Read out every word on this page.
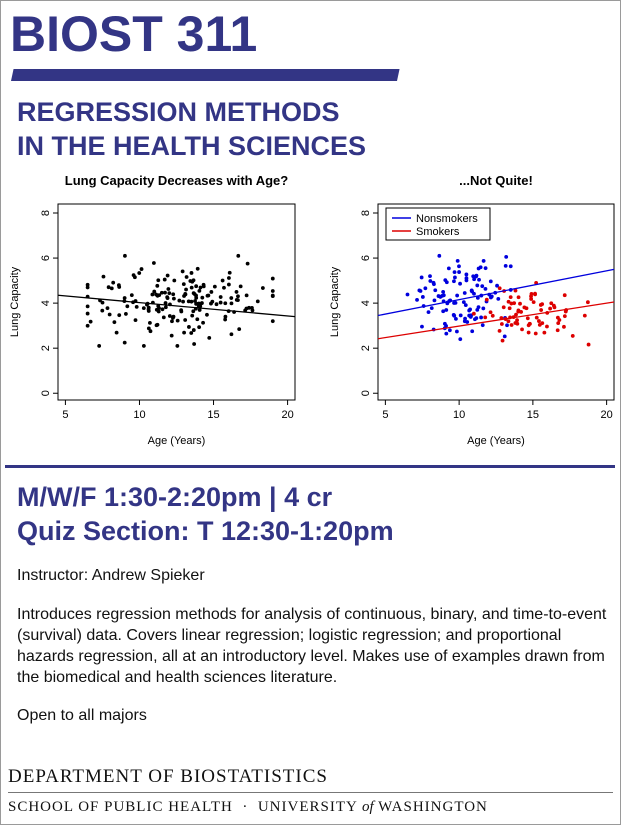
BIOST 311
REGRESSION METHODS
IN THE HEALTH SCIENCES
Lung Capacity Decreases with Age?
5	10	15	20
0
2
4
6
8
Age (Years)
Lung Capacity
...Not Quite!
5	10	15	20
0
2
4
6
8
Age (Years)
Lung Capacity
Nonsmokers
Smokers
M/W/F 1:30-2:20pm | 4 cr
Quiz Section: T 12:30-1:20pm
Instructor: Andrew Spieker
Introduces regression methods for analysis of continuous, binary, and time-to-event (survival) data. Covers linear regression; logistic regression; and proportional hazards regression, all at an introductory level. Makes use of examples drawn from the biomedical and health sciences literature.
Open to all majors
DEPARTMENT OF BIOSTATISTICS
SCHOOL OF PUBLIC HEALTH · UNIVERSITY of WASHINGTON
